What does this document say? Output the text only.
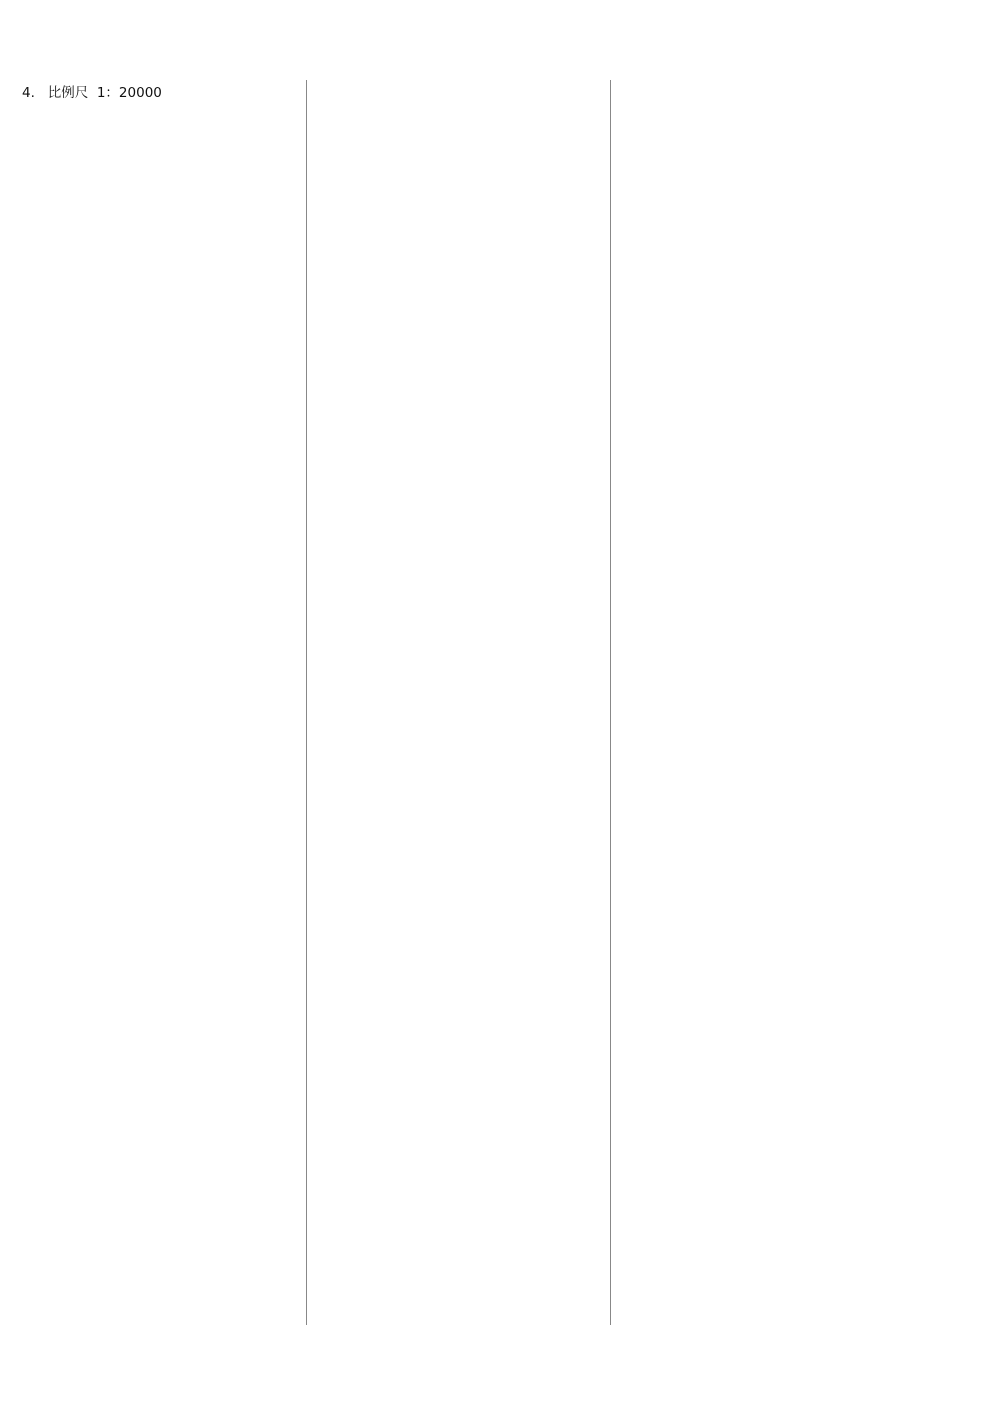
4.   比例尺  1：20000
